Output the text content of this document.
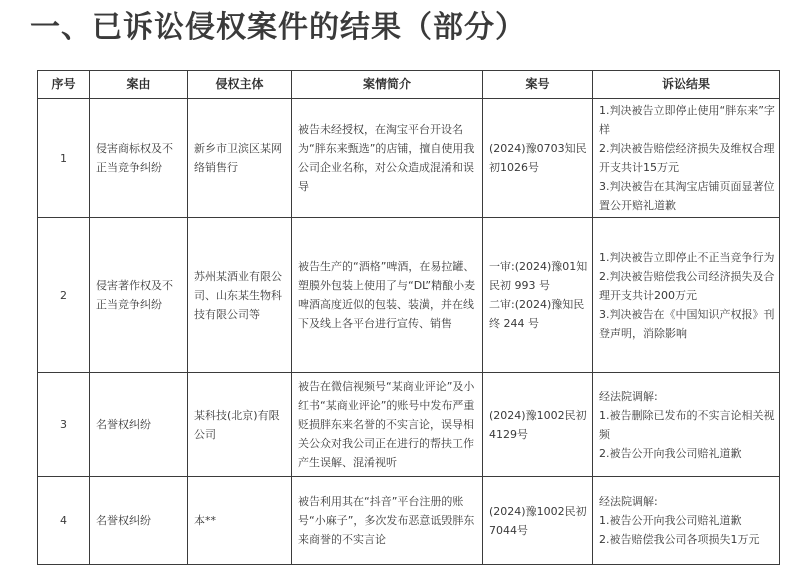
一、已诉讼侵权案件的结果（部分）
序号	案由	侵权主体	案情简介	案号	诉讼结果
1	侵害商标权及不正当竞争纠纷	新乡市卫滨区某网络销售行	被告未经授权，在淘宝平台开设名为“胖东来甄选”的店铺，擅自使用我公司企业名称，对公众造成混淆和误导	(2024)豫0703知民初1026号	1.判决被告立即停止使用“胖东来”字样
2.判决被告赔偿经济损失及维权合理开支共计15万元
3.判决被告在其淘宝店铺页面显著位置公开赔礼道歉

2	侵害著作权及不正当竞争纠纷	苏州某酒业有限公司、山东某生物科技有限公司等	被告生产的“酒格”啤酒，在易拉罐、塑膜外包装上使用了与“DL”精酿小麦啤酒高度近似的包装、装潢，并在线下及线上各平台进行宣传、销售	一审:(2024)豫01知民初 993 号
二审:(2024)豫知民终 244 号	1.判决被告立即停止不正当竞争行为
2.判决被告赔偿我公司经济损失及合理开支共计200万元
3.判决被告在《中国知识产权报》刊登声明，消除影响

3	名誉权纠纷	某科技(北京)有限公司	被告在微信视频号“某商业评论”及小红书“某商业评论”的账号中发布严重贬损胖东来名誉的不实言论，误导相关公众对我公司正在进行的帮扶工作产生误解、混淆视听	(2024)豫1002民初4129号	经法院调解:
1.被告删除已发布的不实言论相关视频
2.被告公开向我公司赔礼道歉

4	名誉权纠纷	本**	被告利用其在“抖音”平台注册的账号“小麻子”，多次发布恶意诋毁胖东来商誉的不实言论	(2024)豫1002民初7044号	经法院调解:
1.被告公开向我公司赔礼道歉
2.被告赔偿我公司各项损失1万元
